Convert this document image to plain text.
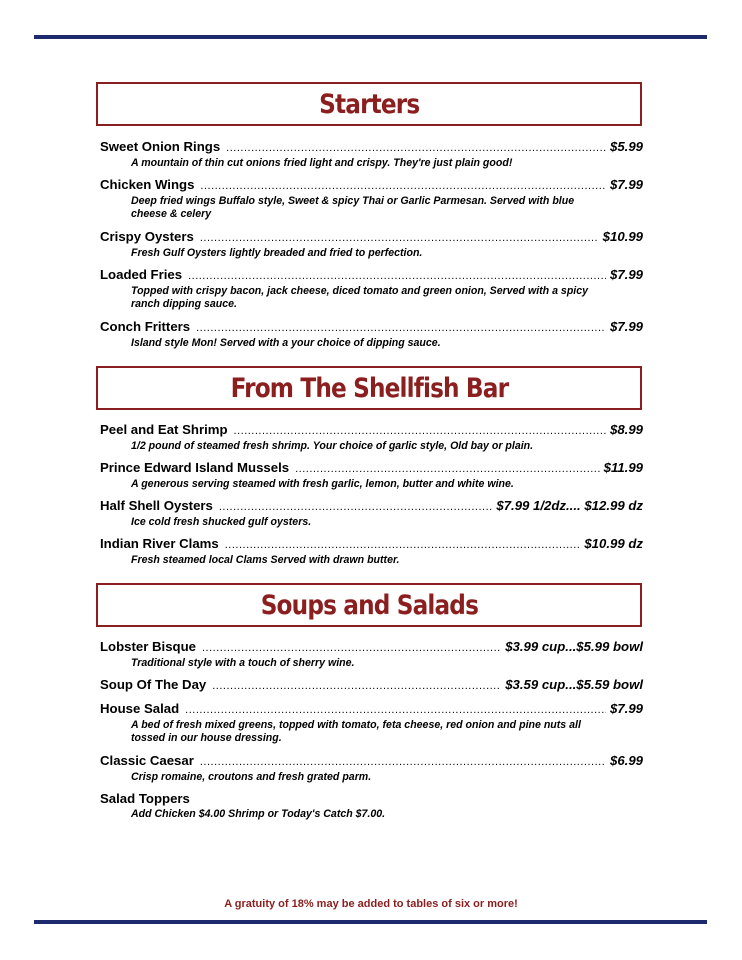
Starters
Sweet Onion Rings .....	$5.99
A mountain of thin cut onions fried light and crispy. They're just plain good!
Chicken Wings .....	$7.99
Deep fried wings Buffalo style, Sweet & spicy Thai or Garlic Parmesan. Served with blue cheese & celery
Crispy Oysters .....	$10.99
Fresh Gulf Oysters lightly breaded and fried to perfection.
Loaded Fries .....	$7.99
Topped with crispy bacon, jack cheese, diced tomato and green onion, Served with a spicy ranch dipping sauce.
Conch Fritters .....	$7.99
Island style Mon! Served with a your choice of dipping sauce.
From The Shellfish Bar
Peel and Eat Shrimp .....	$8.99
1/2 pound of steamed fresh shrimp. Your choice of garlic style, Old bay or plain.
Prince Edward Island Mussels .....	$11.99
A generous serving steamed with fresh garlic, lemon, butter and white wine.
Half Shell Oysters .....	$7.99 1/2dz.... $12.99 dz
Ice cold fresh shucked gulf oysters.
Indian River Clams .....	$10.99 dz
Fresh steamed local Clams Served with drawn butter.
Soups and Salads
Lobster Bisque .....	$3.99 cup...$5.99 bowl
Traditional style with a touch of sherry wine.
Soup Of The Day .....	$3.59 cup...$5.59 bowl
House Salad .....	$7.99
A bed of fresh mixed greens, topped with tomato, feta cheese, red onion and pine nuts all tossed in our house dressing.
Classic Caesar .....	$6.99
Crisp romaine, croutons and fresh grated parm.
Salad Toppers
Add Chicken $4.00 Shrimp or Today's Catch $7.00.
A gratuity of 18% may be added to tables of six or more!
